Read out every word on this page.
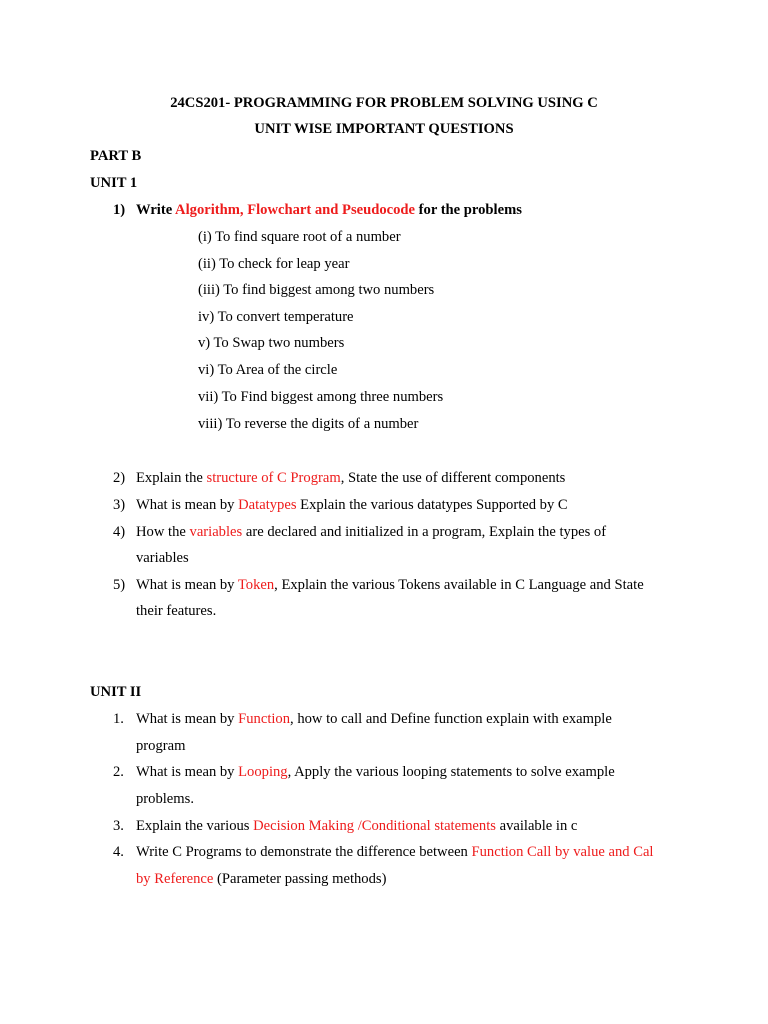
24CS201- PROGRAMMING FOR PROBLEM SOLVING USING C
UNIT WISE IMPORTANT QUESTIONS
PART B
UNIT 1
1) Write Algorithm, Flowchart and Pseudocode for the problems
(i) To find square root of a number
(ii) To check for leap year
(iii) To find biggest among two numbers
iv) To convert temperature
v) To Swap two numbers
vi) To Area of the circle
vii) To Find biggest among three numbers
viii) To reverse the digits of a number
2) Explain the structure of C Program, State the use of different components
3) What is mean by Datatypes Explain the various datatypes Supported by C
4) How the variables are declared and initialized in a program, Explain the types of
variables
5) What is mean by Token, Explain the various Tokens available in C Language and State
their features.
UNIT II
1. What is mean by Function, how to call and Define function explain with example
program
2. What is mean by Looping, Apply the various looping statements to solve example
problems.
3. Explain the various Decision Making /Conditional statements available in c
4. Write C Programs to demonstrate the difference between Function Call by value and Cal
by Reference (Parameter passing methods)
